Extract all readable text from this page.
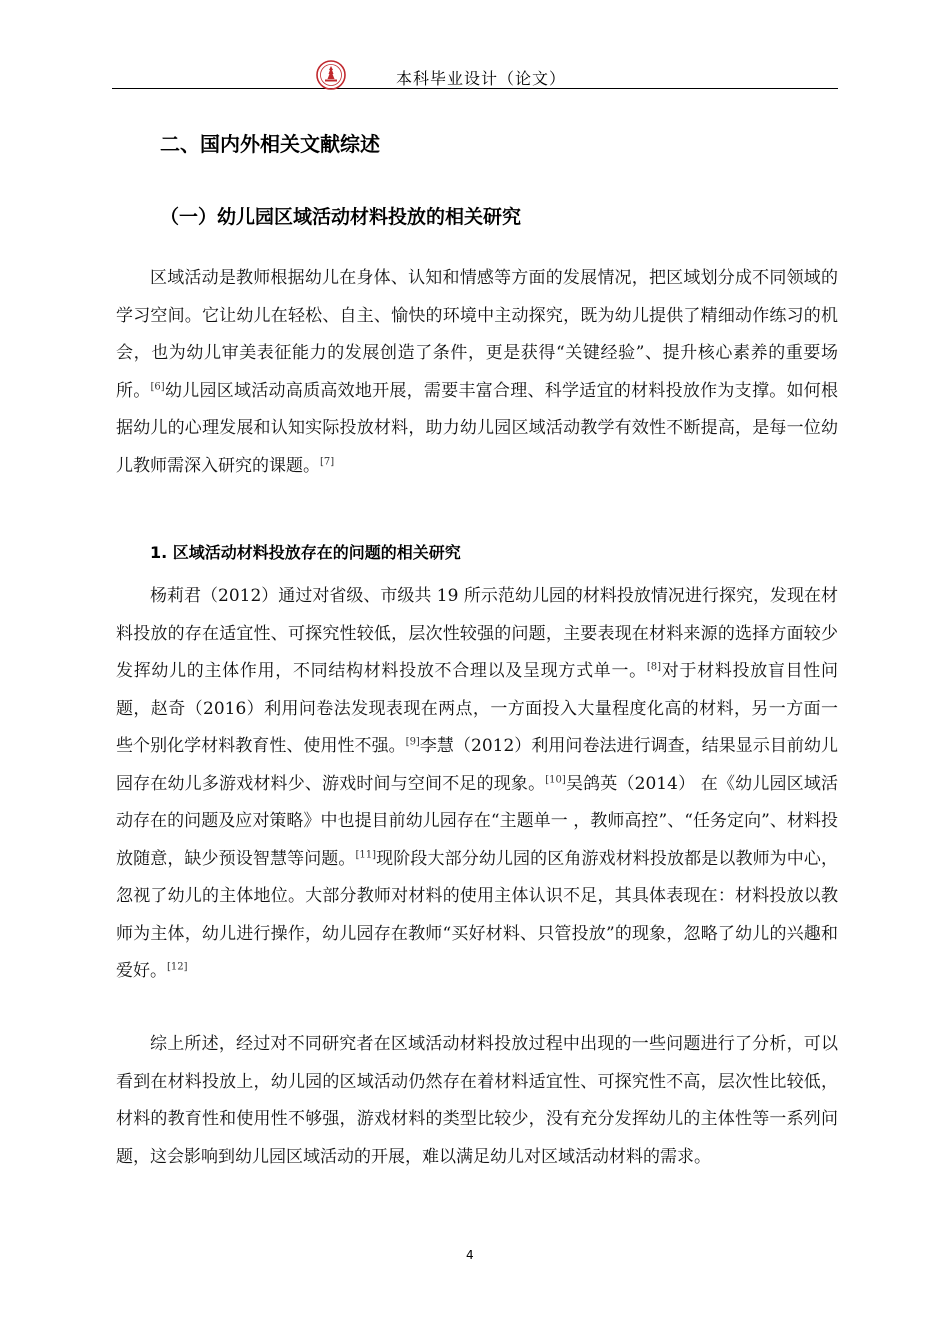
本科毕业设计（论文）
二、国内外相关文献综述
（一）幼儿园区域活动材料投放的相关研究

区域活动是教师根据幼儿在身体、认知和情感等方面的发展情况，把区域划分成不同领域的学习空间。它让幼儿在轻松、自主、愉快的环境中主动探究，既为幼儿提供了精细动作练习的机会，也为幼儿审美表征能力的发展创造了条件，更是获得“关键经验”、提升核心素养的重要场所。[6]幼儿园区域活动高质高效地开展，需要丰富合理、科学适宜的材料投放作为支撑。如何根据幼儿的心理发展和认知实际投放材料，助力幼儿园区域活动教学有效性不断提高，是每一位幼儿教师需深入研究的课题。[7]

1. 区域活动材料投放存在的问题的相关研究

杨莉君（2012）通过对省级、市级共 19 所示范幼儿园的材料投放情况进行探究，发现在材料投放的存在适宜性、可探究性较低，层次性较强的问题，主要表现在材料来源的选择方面较少发挥幼儿的主体作用，不同结构材料投放不合理以及呈现方式单一。[8]对于材料投放盲目性问题，赵奇（2016）利用问卷法发现表现在两点，一方面投入大量程度化高的材料，另一方面一些个别化学材料教育性、使用性不强。[9]李慧（2012）利用问卷法进行调查，结果显示目前幼儿园存在幼儿多游戏材料少、游戏时间与空间不足的现象。[10]吴鸽英（2014） 在《幼儿园区域活动存在的问题及应对策略》中也提目前幼儿园存在“主题单一 ，教师高控”、“任务定向”、材料投放随意，缺少预设智慧等问题。[11]现阶段大部分幼儿园的区角游戏材料投放都是以教师为中心，忽视了幼儿的主体地位。大部分教师对材料的使用主体认识不足，其具体表现在：材料投放以教师为主体，幼儿进行操作，幼儿园存在教师“买好材料、只管投放”的现象，忽略了幼儿的兴趣和爱好。[12]

综上所述，经过对不同研究者在区域活动材料投放过程中出现的一些问题进行了分析，可以看到在材料投放上，幼儿园的区域活动仍然存在着材料适宜性、可探究性不高，层次性比较低，材料的教育性和使用性不够强，游戏材料的类型比较少，没有充分发挥幼儿的主体性等一系列问题，这会影响到幼儿园区域活动的开展，难以满足幼儿对区域活动材料的需求。

4
